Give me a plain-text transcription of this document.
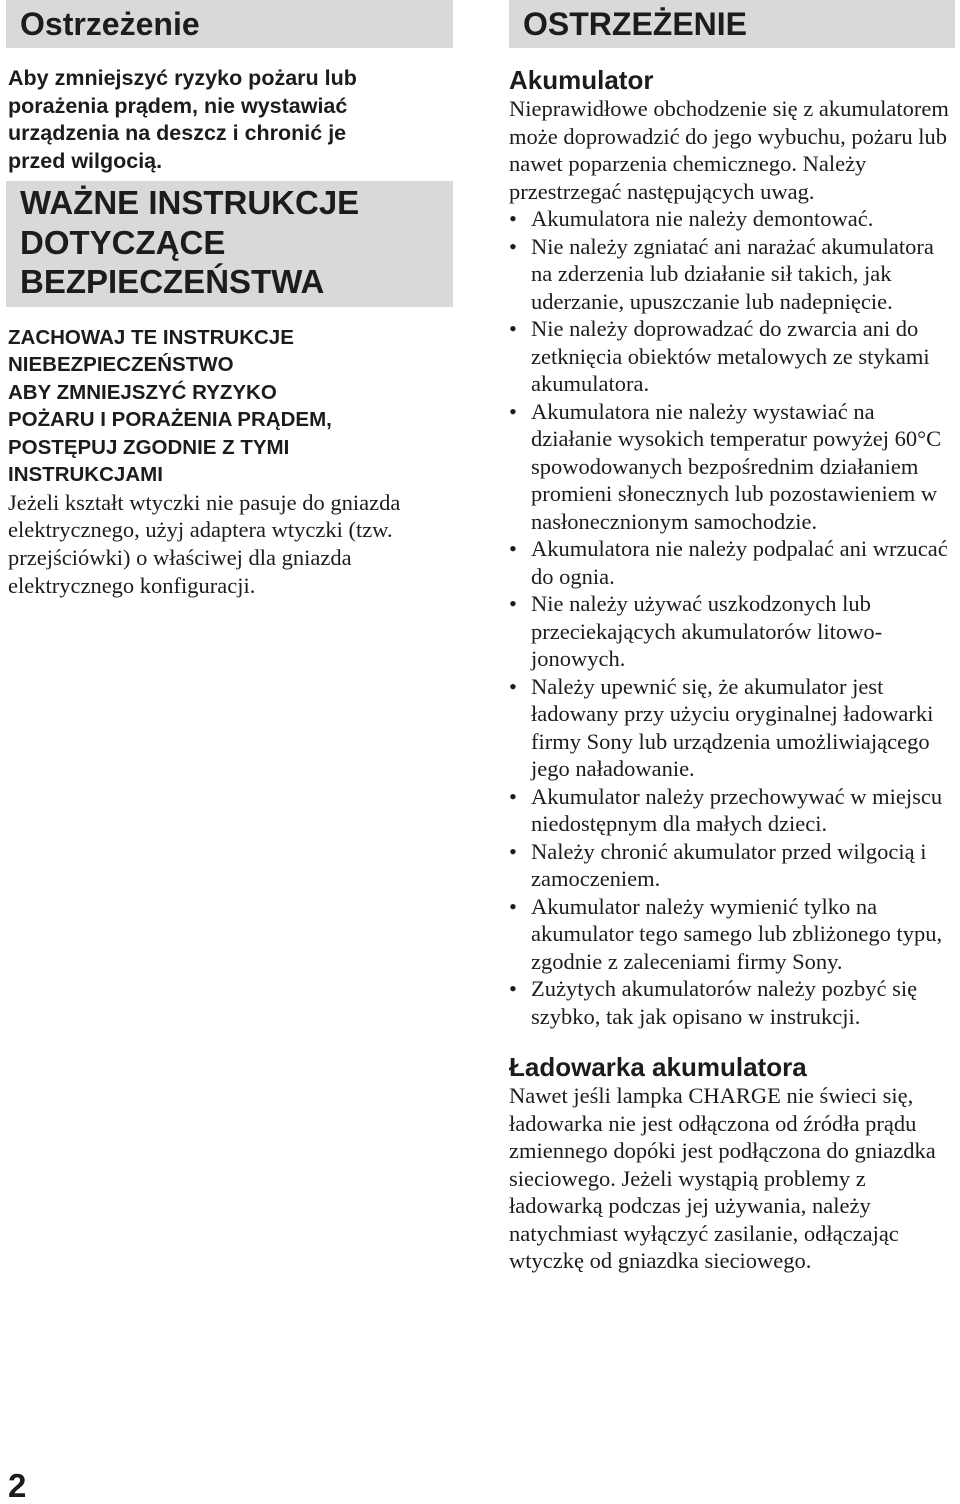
Ostrzeżenie
Aby zmniejszyć ryzyko pożaru lub
porażenia prądem, nie wystawiać
urządzenia na deszcz i chronić je
przed wilgocią.
WAŻNE INSTRUKCJE
DOTYCZĄCE
BEZPIECZEŃSTWA
ZACHOWAJ TE INSTRUKCJE
NIEBEZPIECZEŃSTWO
ABY ZMNIEJSZYĆ RYZYKO
POŻARU I PORAŻENIA PRĄDEM,
POSTĘPUJ ZGODNIE Z TYMI
INSTRUKCJAMI

Jeżeli kształt wtyczki nie pasuje do gniazda elektrycznego, użyj adaptera wtyczki (tzw. przejściówki) o właściwej dla gniazda elektrycznego konfiguracji.

OSTRZEŻENIE
Akumulator

Nieprawidłowe obchodzenie się z akumulatorem może doprowadzić do jego wybuchu, pożaru lub nawet poparzenia chemicznego. Należy przestrzegać następujących uwag.

• Akumulatora nie należy demontować.
• Nie należy zgniatać ani narażać akumulatora na zderzenia lub działanie sił takich, jak uderzanie, upuszczanie lub nadepnięcie.
• Nie należy doprowadzać do zwarcia ani do zetknięcia obiektów metalowych ze stykami akumulatora.
• Akumulatora nie należy wystawiać na działanie wysokich temperatur powyżej 60°C spowodowanych bezpośrednim działaniem promieni słonecznych lub pozostawieniem w nasłonecznionym samochodzie.
• Akumulatora nie należy podpalać ani wrzucać do ognia.
• Nie należy używać uszkodzonych lub przeciekających akumulatorów litowo-jonowych.
• Należy upewnić się, że akumulator jest ładowany przy użyciu oryginalnej ładowarki firmy Sony lub urządzenia umożliwiającego jego naładowanie.
• Akumulator należy przechowywać w miejscu niedostępnym dla małych dzieci.
• Należy chronić akumulator przed wilgocią i zamoczeniem.
• Akumulator należy wymienić tylko na akumulator tego samego lub zbliżonego typu, zgodnie z zaleceniami firmy Sony.
• Zużytych akumulatorów należy pozbyć się szybko, tak jak opisano w instrukcji.
Ładowarka akumulatora

Nawet jeśli lampka CHARGE nie świeci się, ładowarka nie jest odłączona od źródła prądu zmiennego dopóki jest podłączona do gniazdka sieciowego. Jeżeli wystąpią problemy z ładowarką podczas jej używania, należy natychmiast wyłączyć zasilanie, odłączając wtyczkę od gniazdka sieciowego.

2
